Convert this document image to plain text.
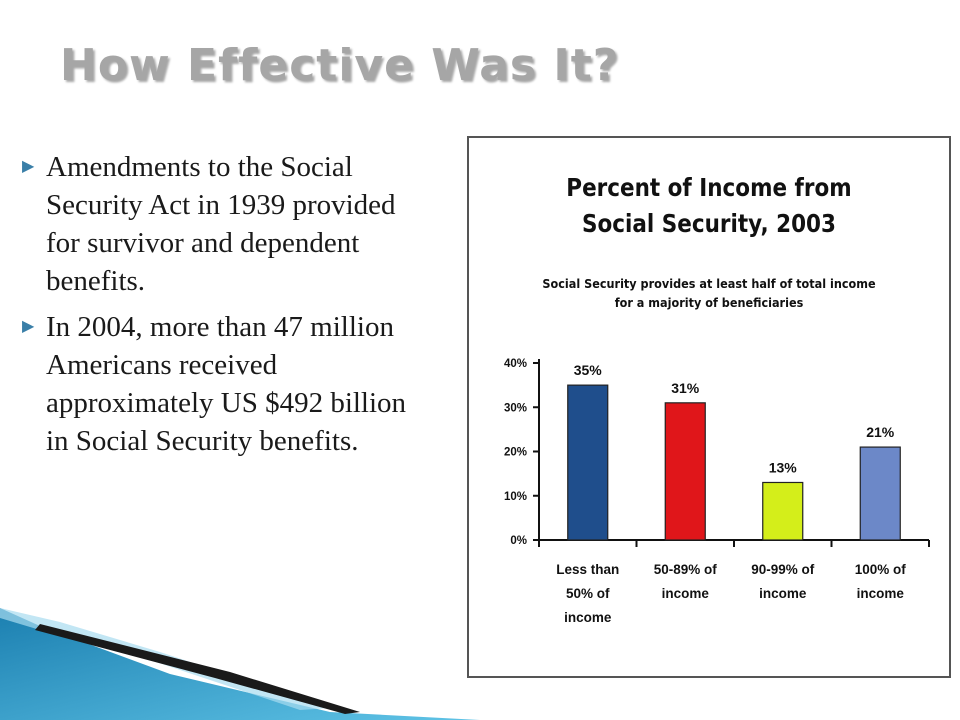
How Effective Was It?
▶ Amendments to the Social Security Act in 1939 provided for survivor and dependent benefits.
▶ In 2004, more than 47 million Americans received approximately US $492 billion in Social Security benefits.
Percent of Income from
Social Security, 2003
Social Security provides at least half of total income
for a majority of beneficiaries
0%
10%
20%
30%
40%	35%
Less than
50% of
income
31%
50-89% of
income
13%
90-99% of
income
21%
100% of
income
